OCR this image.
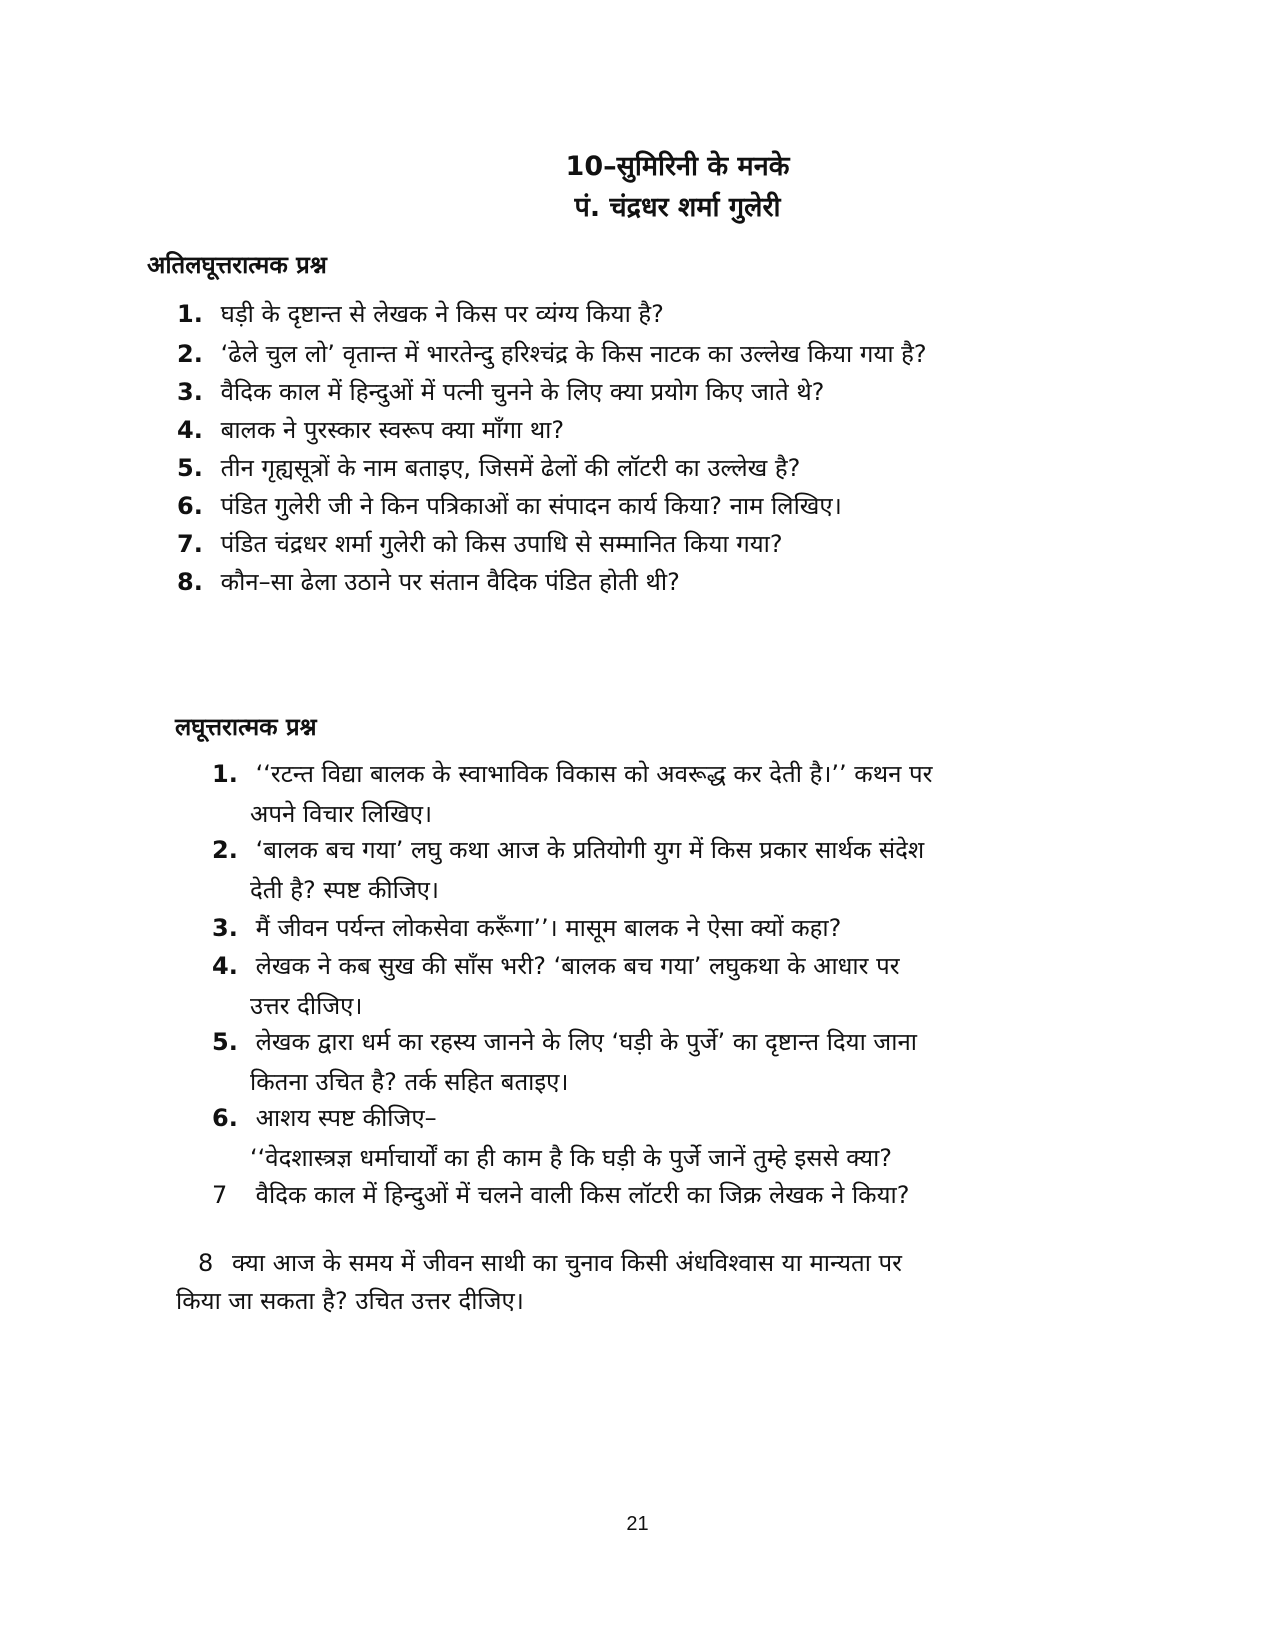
10–सुमिरिनी के मनके
पं. चंद्रधर शर्मा गुलेरी
अतिलघूत्तरात्मक प्रश्न
1. घड़ी के दृष्टान्त से लेखक ने किस पर व्यंग्य किया है?
2. ‘ढेले चुल लो’ वृतान्त में भारतेन्दु हरिश्चंद्र के किस नाटक का उल्लेख किया गया है?
3. वैदिक काल में हिन्दुओं में पत्नी चुनने के लिए क्या प्रयोग किए जाते थे?
4. बालक ने पुरस्कार स्वरूप क्या माँगा था?
5. तीन गृह्यसूत्रों के नाम बताइए, जिसमें ढेलों की लॉटरी का उल्लेख है?
6. पंडित गुलेरी जी ने किन पत्रिकाओं का संपादन कार्य किया? नाम लिखिए।
7. पंडित चंद्रधर शर्मा गुलेरी को किस उपाधि से सम्मानित किया गया?
8. कौन–सा ढेला उठाने पर संतान वैदिक पंडित होती थी?
लघूत्तरात्मक प्रश्न
1. ‘‘रटन्त विद्या बालक के स्वाभाविक विकास को अवरूद्ध कर देती है।’’ कथन पर
अपने विचार लिखिए।
2. ‘बालक बच गया’ लघु कथा आज के प्रतियोगी युग में किस प्रकार सार्थक संदेश
देती है? स्पष्ट कीजिए।
3. मैं जीवन पर्यन्त लोकसेवा करूँगा’’। मासूम बालक ने ऐसा क्यों कहा?
4. लेखक ने कब सुख की साँस भरी? ‘बालक बच गया’ लघुकथा के आधार पर
उत्तर दीजिए।
5. लेखक द्वारा धर्म का रहस्य जानने के लिए ‘घड़ी के पुर्जे’ का दृष्टान्त दिया जाना
कितना उचित है? तर्क सहित बताइए।
6. आशय स्पष्ट कीजिए–
‘‘वेदशास्त्रज्ञ धर्माचार्यों का ही काम है कि घड़ी के पुर्जे जानें तुम्हे इससे क्या?
7 वैदिक काल में हिन्दुओं में चलने वाली किस लॉटरी का जिक्र लेखक ने किया?
8 क्या आज के समय में जीवन साथी का चुनाव किसी अंधविश्वास या मान्यता पर
किया जा सकता है? उचित उत्तर दीजिए।
21
